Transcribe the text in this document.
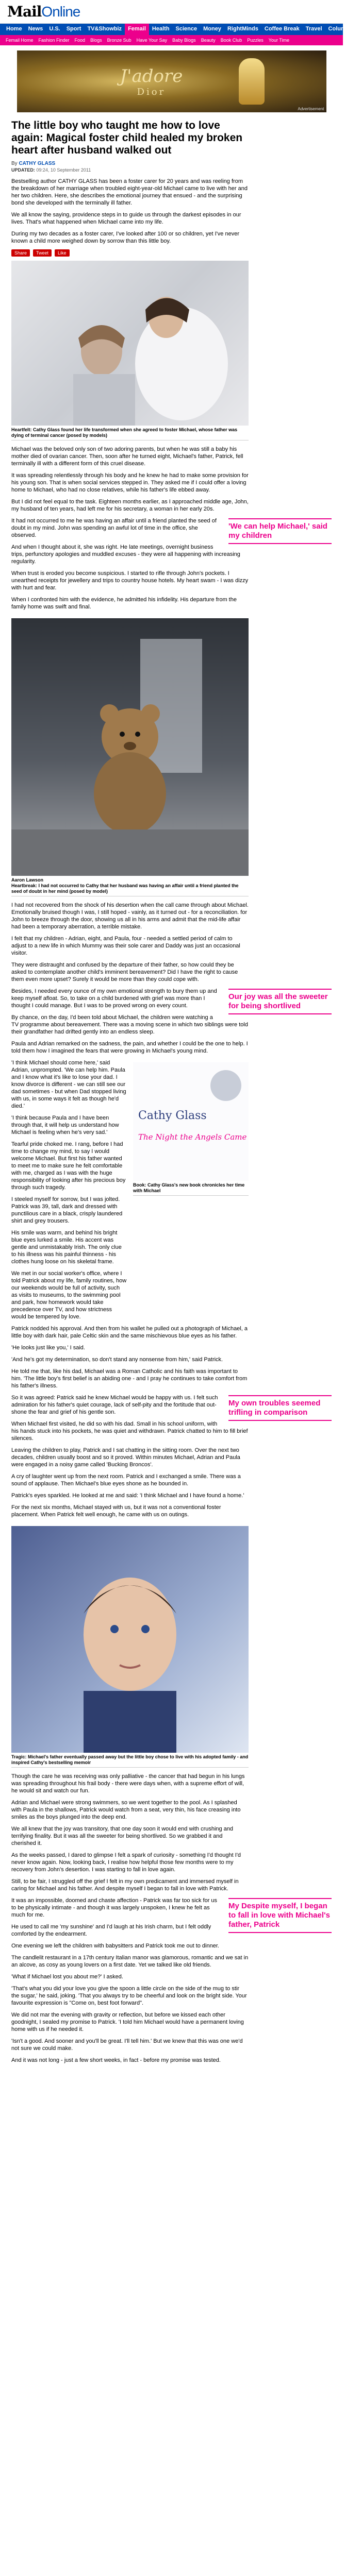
MailOnline
Home	News	U.S.	Sport	TV&Showbiz	Femail	Health	Science	Money	RightMinds	Coffee Break	Travel	Columnists
Femail Home	Fashion Finder	Food	Blogs	Bronze Sub	Have Your Say	Baby Blogs	Beauty	Book Club	Puzzles	Your Time
J'adore
Dior
Advertisement
The little boy who taught me how to love again: Magical foster child healed my broken heart after husband walked out
By CATHY GLASS
UPDATED: 09:24, 10 September 2011

Bestselling author CATHY GLASS has been a foster carer for 20 years and was reeling from the breakdown of her marriage when troubled eight-year-old Michael came to live with her and her two children. Here, she describes the emotional journey that ensued - and the surprising bond she developed with the terminally ill father.

We all know the saying, providence steps in to guide us through the darkest episodes in our lives. That's what happened when Michael came into my life.

During my two decades as a foster carer, I've looked after 100 or so children, yet I've never known a child more weighed down by sorrow than this little boy.

Share	Tweet	Like
Heartfelt: Cathy Glass found her life transformed when she agreed to foster Michael, whose father was dying of terminal cancer (posed by models)

Michael was the beloved only son of two adoring parents, but when he was still a baby his mother died of ovarian cancer. Then, soon after he turned eight, Michael's father, Patrick, fell terminally ill with a different form of this cruel disease.

It was spreading relentlessly through his body and he knew he had to make some provision for his young son. That is when social services stepped in. They asked me if I could offer a loving home to Michael, who had no close relatives, while his father's life ebbed away.

But I did not feel equal to the task. Eighteen months earlier, as I approached middle age, John, my husband of ten years, had left me for his secretary, a woman in her early 20s.

'We can help Michael,' said my children

It had not occurred to me he was having an affair until a friend planted the seed of doubt in my mind. John was spending an awful lot of time in the office, she observed.

And when I thought about it, she was right. He late meetings, overnight business trips, perfunctory apologies and muddled excuses - they were all happening with increasing regularity.

When trust is eroded you become suspicious. I started to rifle through John's pockets. I unearthed receipts for jewellery and trips to country house hotels. My heart swam - I was dizzy with hurt and fear.

When I confronted him with the evidence, he admitted his infidelity. His departure from the family home was swift and final.

Aaron Lawson
Heartbreak: I had not occurred to Cathy that her husband was having an affair until a friend planted the seed of doubt in her mind (posed by model)

I had not recovered from the shock of his desertion when the call came through about Michael. Emotionally bruised though I was, I still hoped - vainly, as it turned out - for a reconciliation. for John to breeze through the door, showing us all in his arms and admit that the mid-life affair had been a temporary aberration, a terrible mistake.

I felt that my children - Adrian, eight, and Paula, four - needed a settled period of calm to adjust to a new life in which Mummy was their sole carer and Daddy was just an occasional visitor.

They were distraught and confused by the departure of their father, so how could they be asked to contemplate another child's imminent bereavement? Did I have the right to cause them even more upset? Surely it would be more than they could cope with.

Our joy was all the sweeter for being shortlived

Besides, I needed every ounce of my own emotional strength to bury them up and keep myself afloat. So, to take on a child burdened with grief was more than I thought I could manage. But I was to be proved wrong on every count.

By chance, on the day, I'd been told about Michael, the children were watching a TV programme about bereavement. There was a moving scene in which two siblings were told their grandfather had drifted gently into an endless sleep.

Paula and Adrian remarked on the sadness, the pain, and whether I could be the one to help. I told them how I imagined the fears that were growing in Michael's young mind.

'I think Michael should come here,' said Adrian, unprompted. 'We can help him. Paula and I know what it's like to lose your dad. I know divorce is different - we can still see our dad sometimes - but when Dad stopped living with us, in some ways it felt as though he'd died.'

'I think because Paula and I have been through that, it will help us understand how Michael is feeling when he's very sad.'

Tearful pride choked me. I rang, before I had time to change my mind, to say I would welcome Michael. But first his father wanted to meet me to make sure he felt comfortable with me, charged as I was with the huge responsibility of looking after his precious boy through such tragedy.

I steeled myself for sorrow, but I was jolted. Patrick was 39, tall, dark and dressed with punctilious care in a black, crisply laundered shirt and grey trousers.

His smile was warm, and behind his bright blue eyes lurked a smile. His accent was gentle and unmistakably Irish. The only clue to his illness was his painful thinness - his clothes hung loose on his skeletal frame.

We met in our social worker's office, where I told Patrick about my life, family routines, how our weekends would be full of activity, such as visits to museums, to the swimming pool and park, how homework would take precedence over TV, and how strictness would be tempered by love.

Cathy Glass
The Night the Angels Came
Book: Cathy Glass's new book chronicles her time with Michael

Patrick nodded his approval. And then from his wallet he pulled out a photograph of Michael, a little boy with dark hair, pale Celtic skin and the same mischievous blue eyes as his father.

'He looks just like you,' I said.

'And he's got my determination, so don't stand any nonsense from him,' said Patrick.

He told me that, like his dad, Michael was a Roman Catholic and his faith was important to him. 'The little boy's first belief is an abiding one - and I pray he continues to take comfort from his father's illness.

My own troubles seemed trifling in comparison

So it was agreed: Patrick said he knew Michael would be happy with us. I felt such admiration for his father's quiet courage, lack of self-pity and the fortitude that out-shone the fear and grief of his gentle son.

When Michael first visited, he did so with his dad. Small in his school uniform, with his hands stuck into his pockets, he was quiet and withdrawn. Patrick chatted to him to fill brief silences.

Leaving the children to play, Patrick and I sat chatting in the sitting room. Over the next two decades, children usually boost and so it proved. Within minutes Michael, Adrian and Paula were engaged in a noisy game called 'Bucking Broncos'.

A cry of laughter went up from the next room. Patrick and I exchanged a smile. There was a sound of applause. Then Michael's blue eyes shone as he bounded in.

Patrick's eyes sparkled. He looked at me and said: 'I think Michael and I have found a home.'

For the next six months, Michael stayed with us, but it was not a conventional foster placement. When Patrick felt well enough, he came with us on outings.

Tragic: Michael's father eventually passed away but the little boy chose to live with his adopted family - and inspired Cathy's bestselling memoir

Though the care he was receiving was only palliative - the cancer that had begun in his lungs was spreading throughout his frail body - there were days when, with a supreme effort of will, he would sit and watch our fun.

Adrian and Michael were strong swimmers, so we went together to the pool. As I splashed with Paula in the shallows, Patrick would watch from a seat, very thin, his face creasing into smiles as the boys plunged into the deep end.

We all knew that the joy was transitory, that one day soon it would end with crushing and terrifying finality. But it was all the sweeter for being shortlived. So we grabbed it and cherished it.

As the weeks passed, I dared to glimpse I felt a spark of curiosity - something I'd thought I'd never know again. Now, looking back, I realise how helpful those few months were to my recovery from John's desertion. I was starting to fall in love again.

Still, to be fair, I struggled off the grief I felt in my own predicament and immersed myself in caring for Michael and his father. And despite myself I began to fall in love with Patrick.

My Despite myself, I began to fall in love with Michael's father, Patrick

It was an impossible, doomed and chaste affection - Patrick was far too sick for us to be physically intimate - and though it was largely unspoken, I knew he felt as much for me.

He used to call me 'my sunshine' and I'd laugh at his Irish charm, but I felt oddly comforted by the endearment.

One evening we left the children with babysitters and Patrick took me out to dinner.

The candlelit restaurant in a 17th century Italian manor was glamorous, romantic and we sat in an alcove, as cosy as young lovers on a first date. Yet we talked like old friends.

'What if Michael lost you about me?' I asked.

'That's what you did your love you give the spoon a little circle on the side of the mug to stir the sugar,' he said, joking. 'That you always try to be cheerful and look on the bright side. Your favourite expression is "Come on, best foot forward".

We did not mar the evening with gravity or reflection, but before we kissed each other goodnight, I sealed my promise to Patrick. 'I told him Michael would have a permanent loving home with us if he needed it.

'Isn't a good. And sooner and you'll be great. I'll tell him.' But we knew that this was one we'd not sure we could make.

And it was not long - just a few short weeks, in fact - before my promise was tested.
